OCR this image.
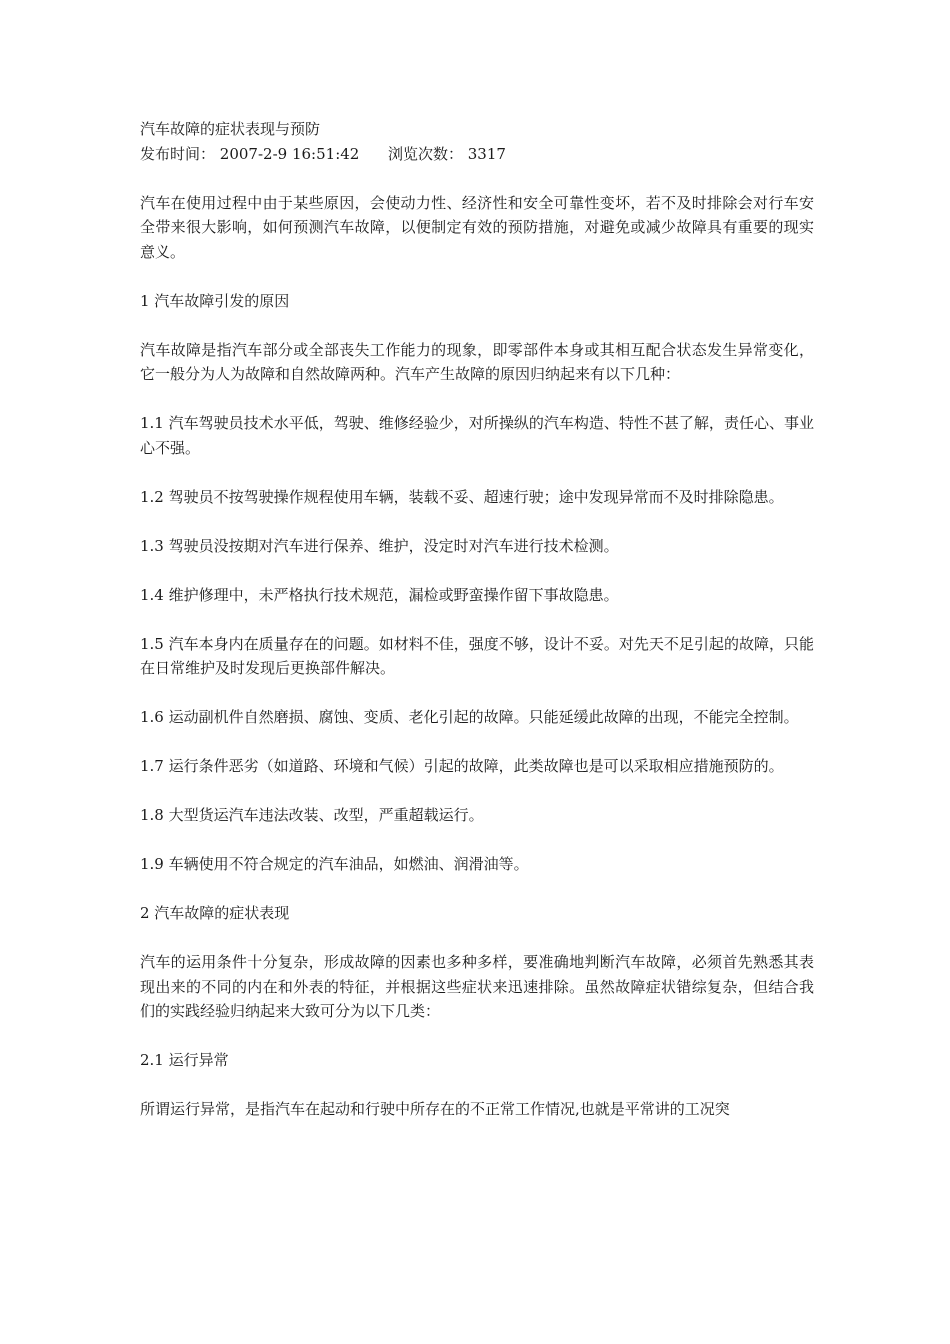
汽车故障的症状表现与预防

发布时间： 2007-2-9 16:51:42 浏览次数： 3317

汽车在使用过程中由于某些原因，会使动力性、经济性和安全可靠性变坏，若不及时排除会对行车安全带来很大影响，如何预测汽车故障，以便制定有效的预防措施，对避免或减少故障具有重要的现实意义。

1 汽车故障引发的原因

汽车故障是指汽车部分或全部丧失工作能力的现象，即零部件本身或其相互配合状态发生异常变化，它一般分为人为故障和自然故障两种。汽车产生故障的原因归纳起来有以下几种：

1.1 汽车驾驶员技术水平低，驾驶、维修经验少，对所操纵的汽车构造、特性不甚了解，责任心、事业心不强。

1.2 驾驶员不按驾驶操作规程使用车辆，装载不妥、超速行驶；途中发现异常而不及时排除隐患。

1.3 驾驶员没按期对汽车进行保养、维护，没定时对汽车进行技术检测。

1.4 维护修理中，未严格执行技术规范，漏检或野蛮操作留下事故隐患。

1.5 汽车本身内在质量存在的问题。如材料不佳，强度不够，设计不妥。对先天不足引起的故障，只能在日常维护及时发现后更换部件解决。

1.6 运动副机件自然磨损、腐蚀、变质、老化引起的故障。只能延缓此故障的出现，不能完全控制。

1.7 运行条件恶劣（如道路、环境和气候）引起的故障，此类故障也是可以采取相应措施预防的。

1.8 大型货运汽车违法改装、改型，严重超载运行。

1.9 车辆使用不符合规定的汽车油品，如燃油、润滑油等。

2 汽车故障的症状表现

汽车的运用条件十分复杂，形成故障的因素也多种多样，要准确地判断汽车故障，必须首先熟悉其表现出来的不同的内在和外表的特征，并根据这些症状来迅速排除。虽然故障症状错综复杂，但结合我们的实践经验归纳起来大致可分为以下几类：

2.1 运行异常

所谓运行异常，是指汽车在起动和行驶中所存在的不正常工作情况,也就是平常讲的工况突
